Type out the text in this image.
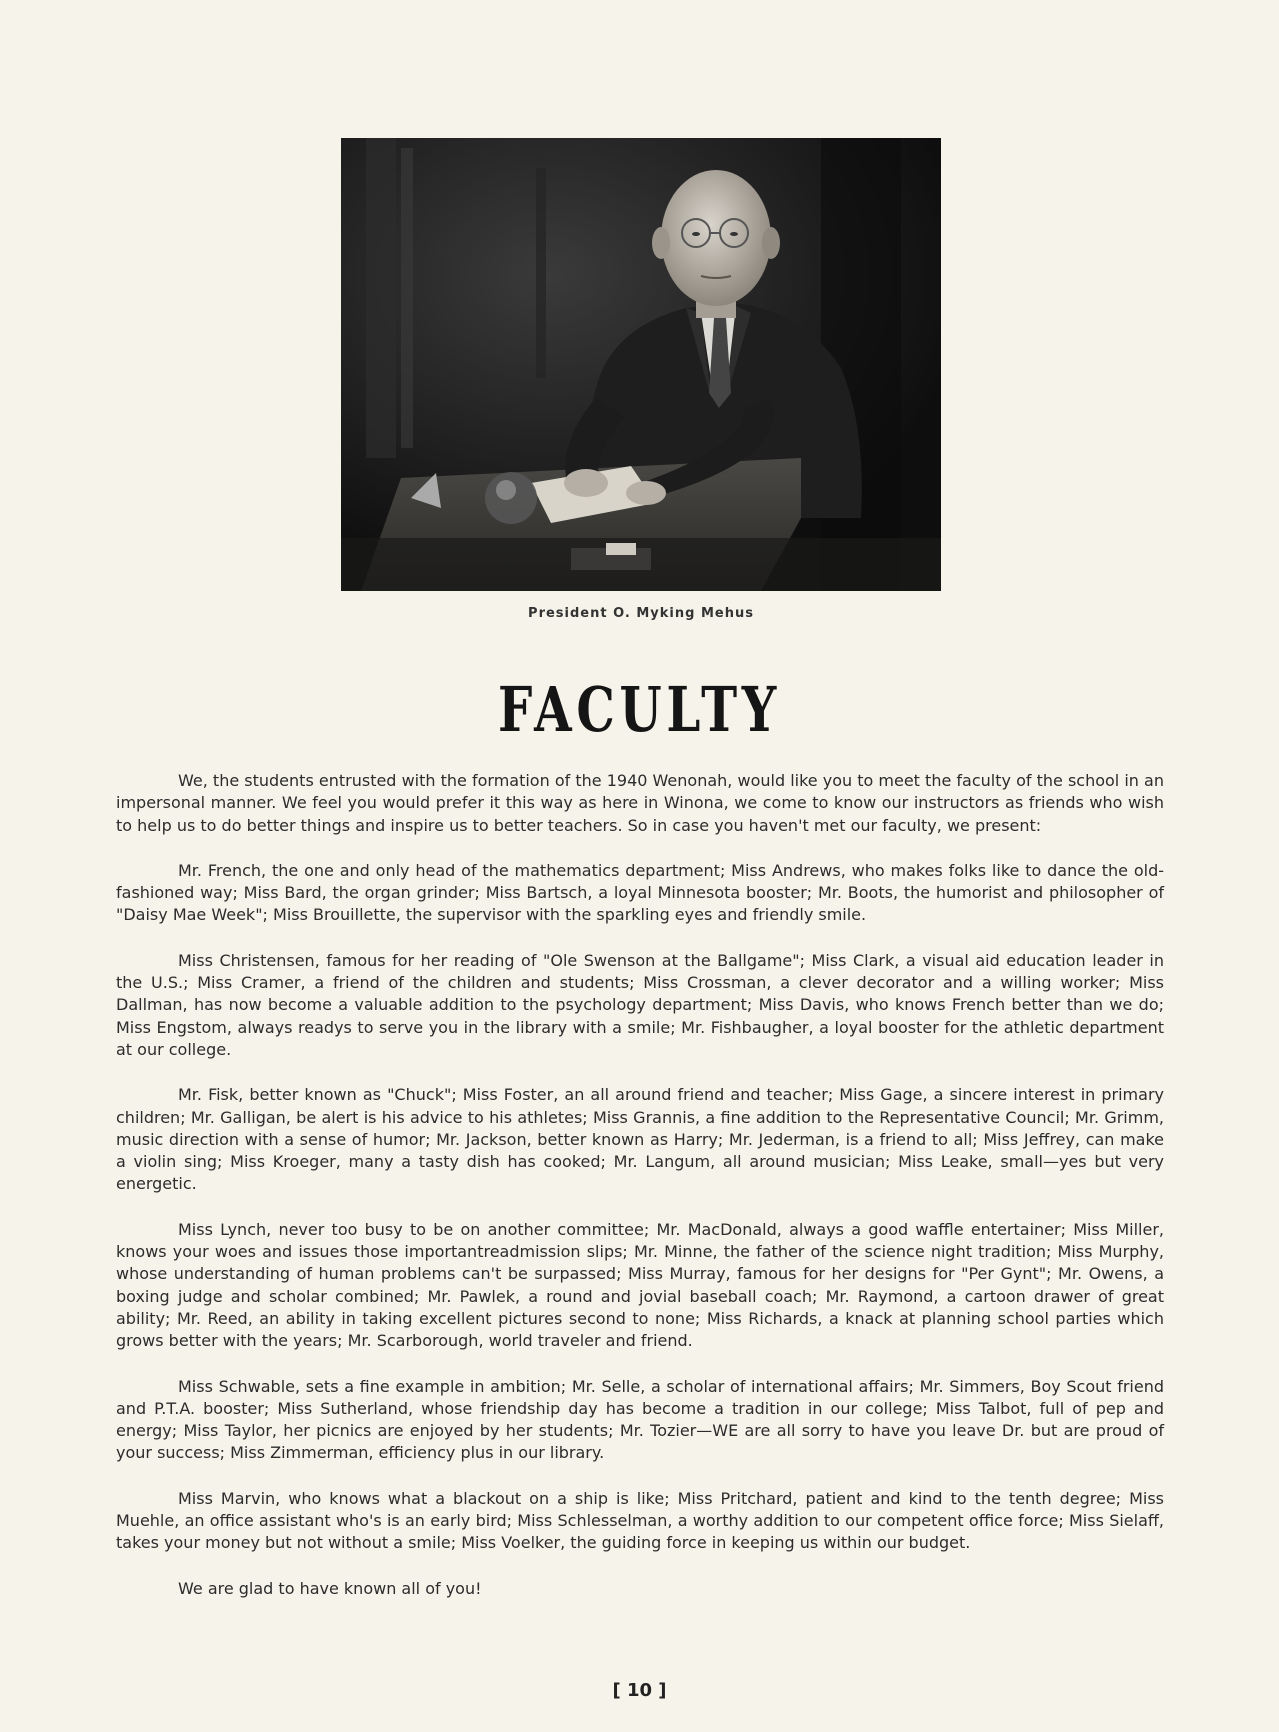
President O. Myking Mehus
FACULTY

We, the students entrusted with the formation of the 1940 Wenonah, would like you to meet the faculty of the school in an impersonal manner. We feel you would prefer it this way as here in Winona, we come to know our instructors as friends who wish to help us to do better things and inspire us to better teachers. So in case you haven't met our faculty, we present:

Mr. French, the one and only head of the mathematics department; Miss Andrews, who makes folks like to dance the old-fashioned way; Miss Bard, the organ grinder; Miss Bartsch, a loyal Minnesota booster; Mr. Boots, the humorist and philosopher of "Daisy Mae Week"; Miss Brouillette, the supervisor with the sparkling eyes and friendly smile.

Miss Christensen, famous for her reading of "Ole Swenson at the Ballgame"; Miss Clark, a visual aid education leader in the U.S.; Miss Cramer, a friend of the children and students; Miss Crossman, a clever decorator and a willing worker; Miss Dallman, has now become a valuable addition to the psychology department; Miss Davis, who knows French better than we do; Miss Engstom, always readys to serve you in the library with a smile; Mr. Fishbaugher, a loyal booster for the athletic department at our college.

Mr. Fisk, better known as "Chuck"; Miss Foster, an all around friend and teacher; Miss Gage, a sincere interest in primary children; Mr. Galligan, be alert is his advice to his athletes; Miss Grannis, a fine addition to the Representative Council; Mr. Grimm, music direction with a sense of humor; Mr. Jackson, better known as Harry; Mr. Jederman, is a friend to all; Miss Jeffrey, can make a violin sing; Miss Kroeger, many a tasty dish has cooked; Mr. Langum, all around musician; Miss Leake, small—yes but very energetic.

Miss Lynch, never too busy to be on another committee; Mr. MacDonald, always a good waffle entertainer; Miss Miller, knows your woes and issues those importantreadmission slips; Mr. Minne, the father of the science night tradition; Miss Murphy, whose understanding of human problems can't be surpassed; Miss Murray, famous for her designs for "Per Gynt"; Mr. Owens, a boxing judge and scholar combined; Mr. Pawlek, a round and jovial baseball coach; Mr. Raymond, a cartoon drawer of great ability; Mr. Reed, an ability in taking excellent pictures second to none; Miss Richards, a knack at planning school parties which grows better with the years; Mr. Scarborough, world traveler and friend.

Miss Schwable, sets a fine example in ambition; Mr. Selle, a scholar of international affairs; Mr. Simmers, Boy Scout friend and P.T.A. booster; Miss Sutherland, whose friendship day has become a tradition in our college; Miss Talbot, full of pep and energy; Miss Taylor, her picnics are enjoyed by her students; Mr. Tozier—WE are all sorry to have you leave Dr. but are proud of your success; Miss Zimmerman, efficiency plus in our library.

Miss Marvin, who knows what a blackout on a ship is like; Miss Pritchard, patient and kind to the tenth degree; Miss Muehle, an office assistant who's is an early bird; Miss Schlesselman, a worthy addition to our competent office force; Miss Sielaff, takes your money but not without a smile; Miss Voelker, the guiding force in keeping us within our budget.

We are glad to have known all of you!

[ 10 ]
